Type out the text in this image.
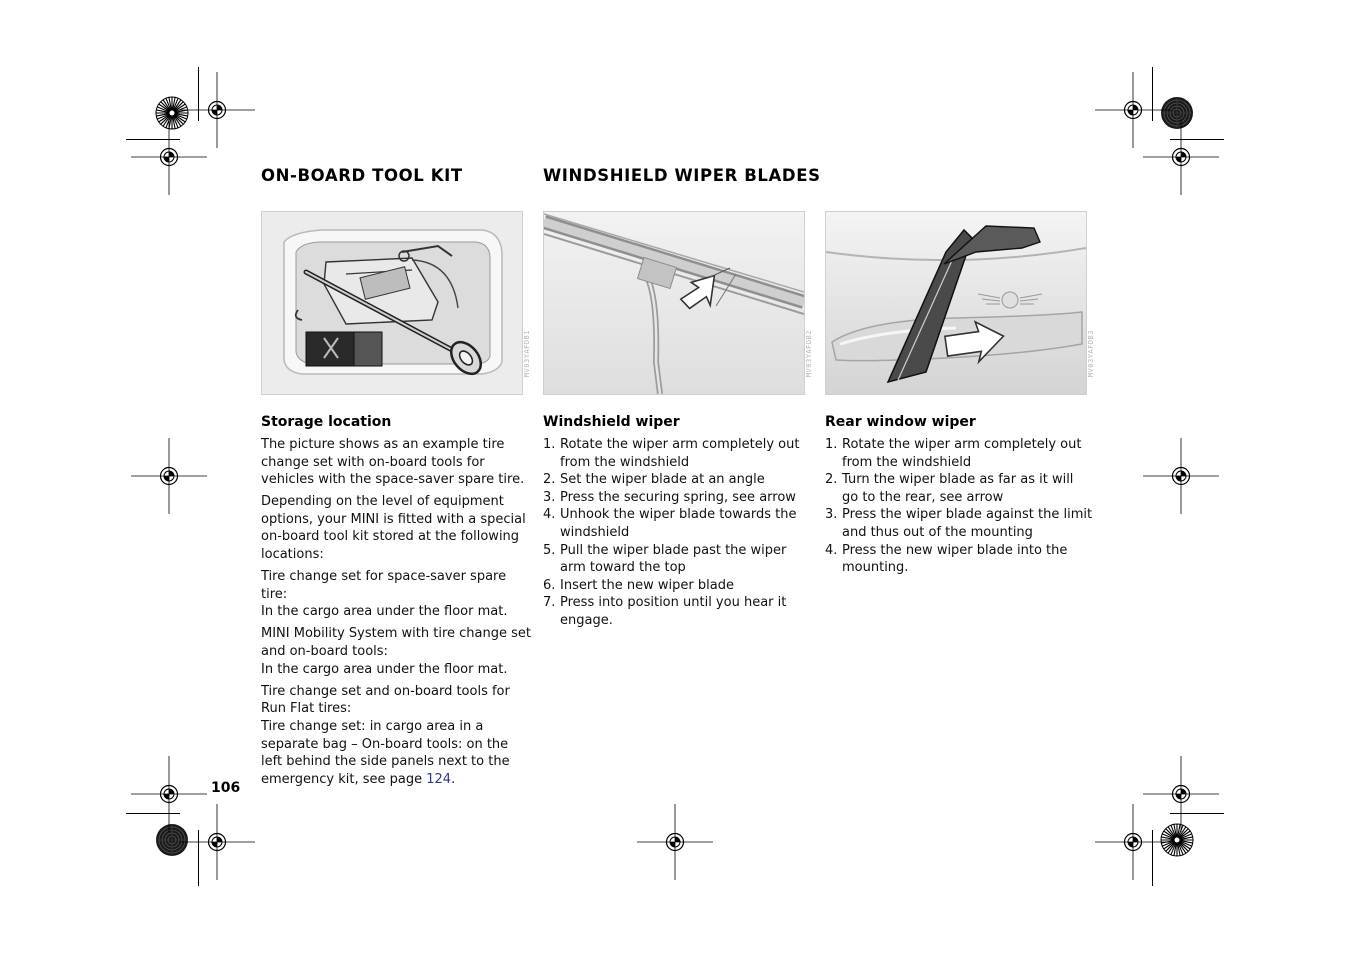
ON-BOARD TOOL KIT	WINDSHIELD WIPER BLADES
MV03YAFDB1	MV03YAFDB2	MV03YAFDB3
Storage location

The picture shows as an example tire change set with on-board tools for vehicles with the space-saver spare tire.

Depending on the level of equipment options, your MINI is fitted with a special on-board tool kit stored at the following locations:

Tire change set for space-saver spare tire:
In the cargo area under the floor mat.

MINI Mobility System with tire change set and on-board tools:
In the cargo area under the floor mat.

Tire change set and on-board tools for Run Flat tires:
Tire change set: in cargo area in a separate bag – On-board tools: on the left behind the side panels next to the emergency kit, see page 124.

Windshield wiper
1. Rotate the wiper arm completely out from the windshield
2. Set the wiper blade at an angle
3. Press the securing spring, see arrow
4. Unhook the wiper blade towards the windshield
5. Pull the wiper blade past the wiper arm toward the top
6. Insert the new wiper blade
7. Press into position until you hear it engage.
Rear window wiper
1. Rotate the wiper arm completely out from the windshield
2. Turn the wiper blade as far as it will go to the rear, see arrow
3. Press the wiper blade against the limit and thus out of the mounting
4. Press the new wiper blade into the mounting.
106
